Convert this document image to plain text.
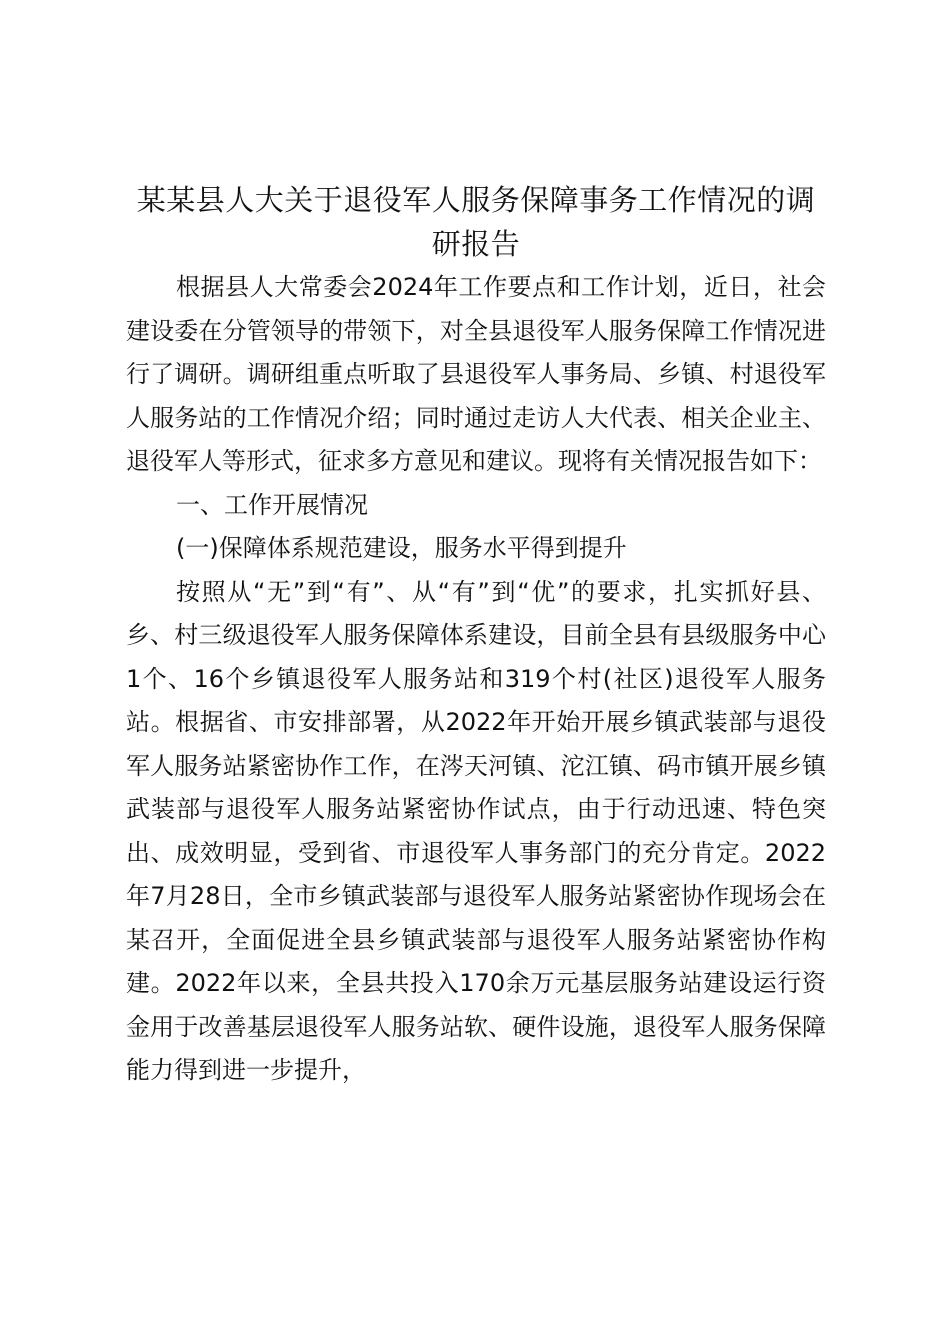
某某县人大关于退役军人服务保障事务工作情况的调研报告

根据县人大常委会2024年工作要点和工作计划，近日，社会建设委在分管领导的带领下，对全县退役军人服务保障工作情况进行了调研。调研组重点听取了县退役军人事务局、乡镇、村退役军人服务站的工作情况介绍；同时通过走访人大代表、相关企业主、退役军人等形式，征求多方意见和建议。现将有关情况报告如下：

一、工作开展情况

(一)保障体系规范建设，服务水平得到提升

按照从“无”到“有”、从“有”到“优”的要求，扎实抓好县、乡、村三级退役军人服务保障体系建设，目前全县有县级服务中心1个、16个乡镇退役军人服务站和319个村(社区)退役军人服务站。根据省、市安排部署，从2022年开始开展乡镇武装部与退役军人服务站紧密协作工作，在涔天河镇、沱江镇、码市镇开展乡镇武装部与退役军人服务站紧密协作试点，由于行动迅速、特色突出、成效明显，受到省、市退役军人事务部门的充分肯定。2022年7月28日，全市乡镇武装部与退役军人服务站紧密协作现场会在某召开，全面促进全县乡镇武装部与退役军人服务站紧密协作构建。2022年以来，全县共投入170余万元基层服务站建设运行资金用于改善基层退役军人服务站软、硬件设施，退役军人服务保障能力得到进一步提升，
